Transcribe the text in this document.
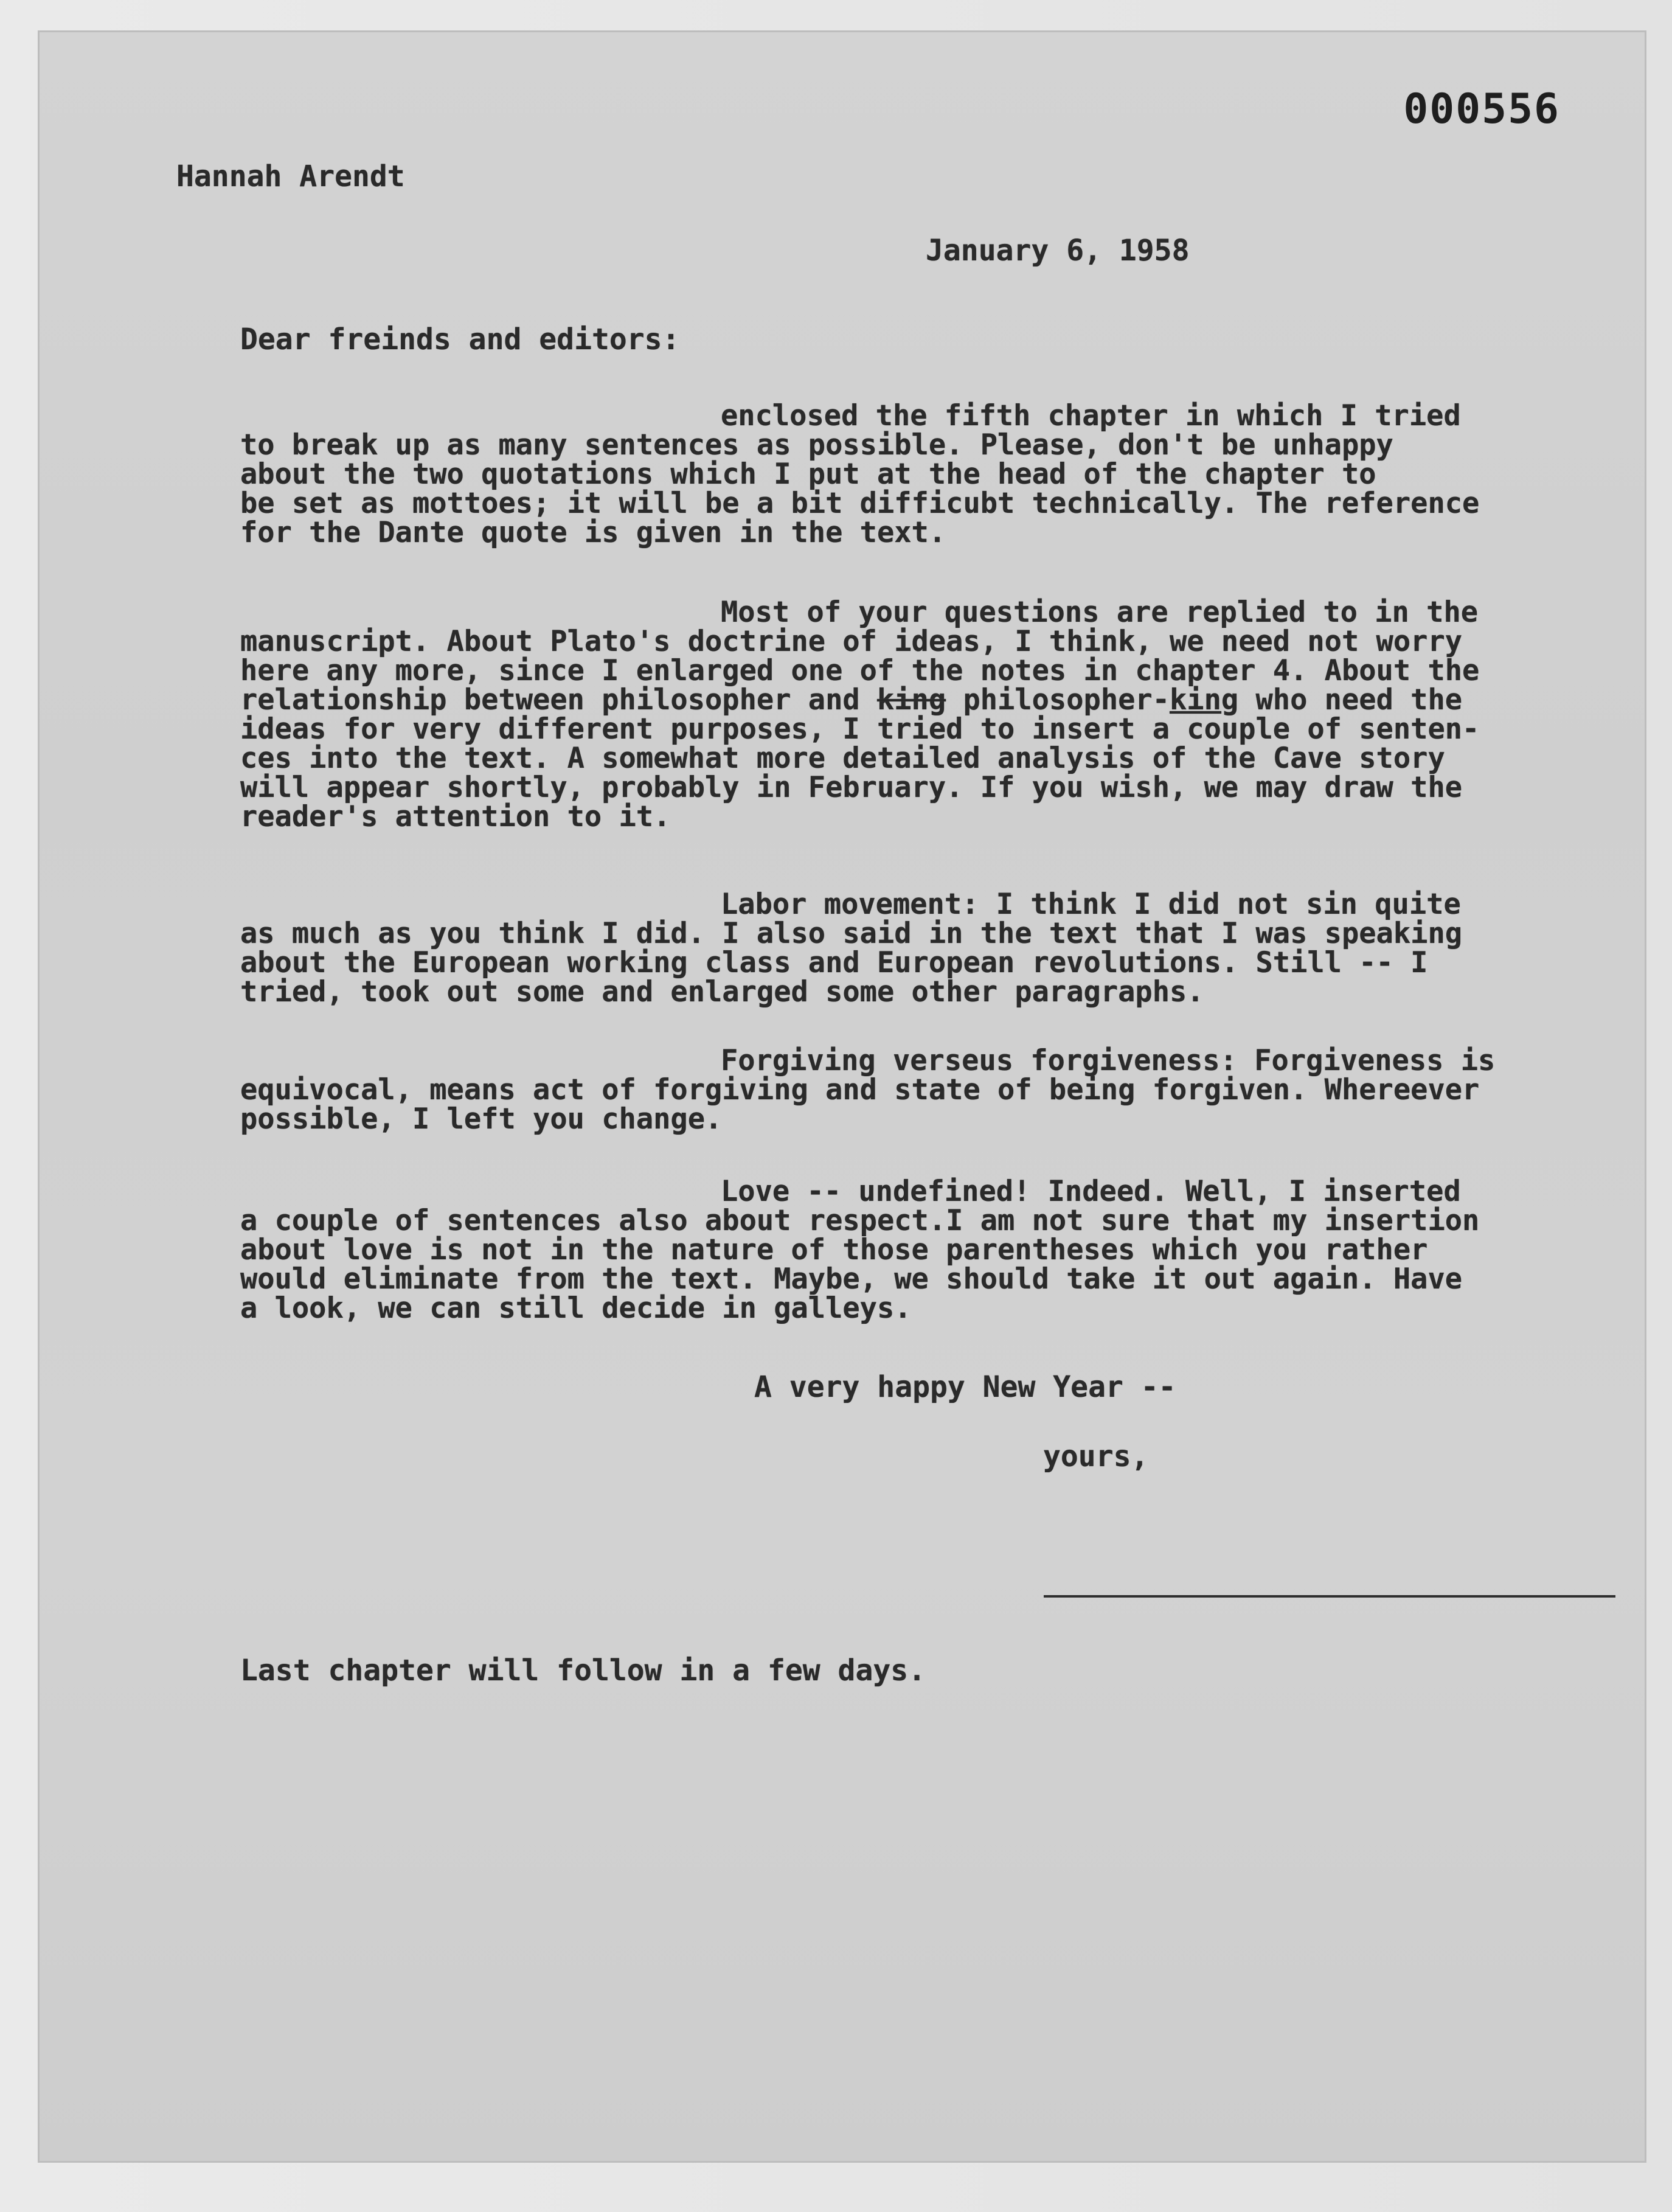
000556
Hannah Arendt
January 6, 1958
Dear freinds and editors:
enclosed the fifth chapter in which I tried
to break up as many sentences as possible. Please, don't be unhappy
about the two quotations which I put at the head of the chapter to
be set as mottoes; it will be a bit difficubt technically. The reference
for the Dante quote is given in the text.
Most of your questions are replied to in the
manuscript. About Plato's doctrine of ideas, I think, we need not worry
here any more, since I enlarged one of the notes in chapter 4. About the
relationship between philosopher and king philosopher-king who need the
ideas for very different purposes, I tried to insert a couple of senten-
ces into the text. A somewhat more detailed analysis of the Cave story
will appear shortly, probably in February. If you wish, we may draw the
reader's attention to it.
Labor movement: I think I did not sin quite
as much as you think I did. I also said in the text that I was speaking
about the European working class and European revolutions. Still -- I
tried, took out some and enlarged some other paragraphs.
Forgiving verseus forgiveness: Forgiveness is
equivocal, means act of forgiving and state of being forgiven. Whereever
possible, I left you change.
Love -- undefined! Indeed. Well, I inserted
a couple of sentences also about respect.I am not sure that my insertion
about love is not in the nature of those parentheses which you rather
would eliminate from the text. Maybe, we should take it out again. Have
a look, we can still decide in galleys.
A very happy New Year --
yours,
Last chapter will follow in a few days.
